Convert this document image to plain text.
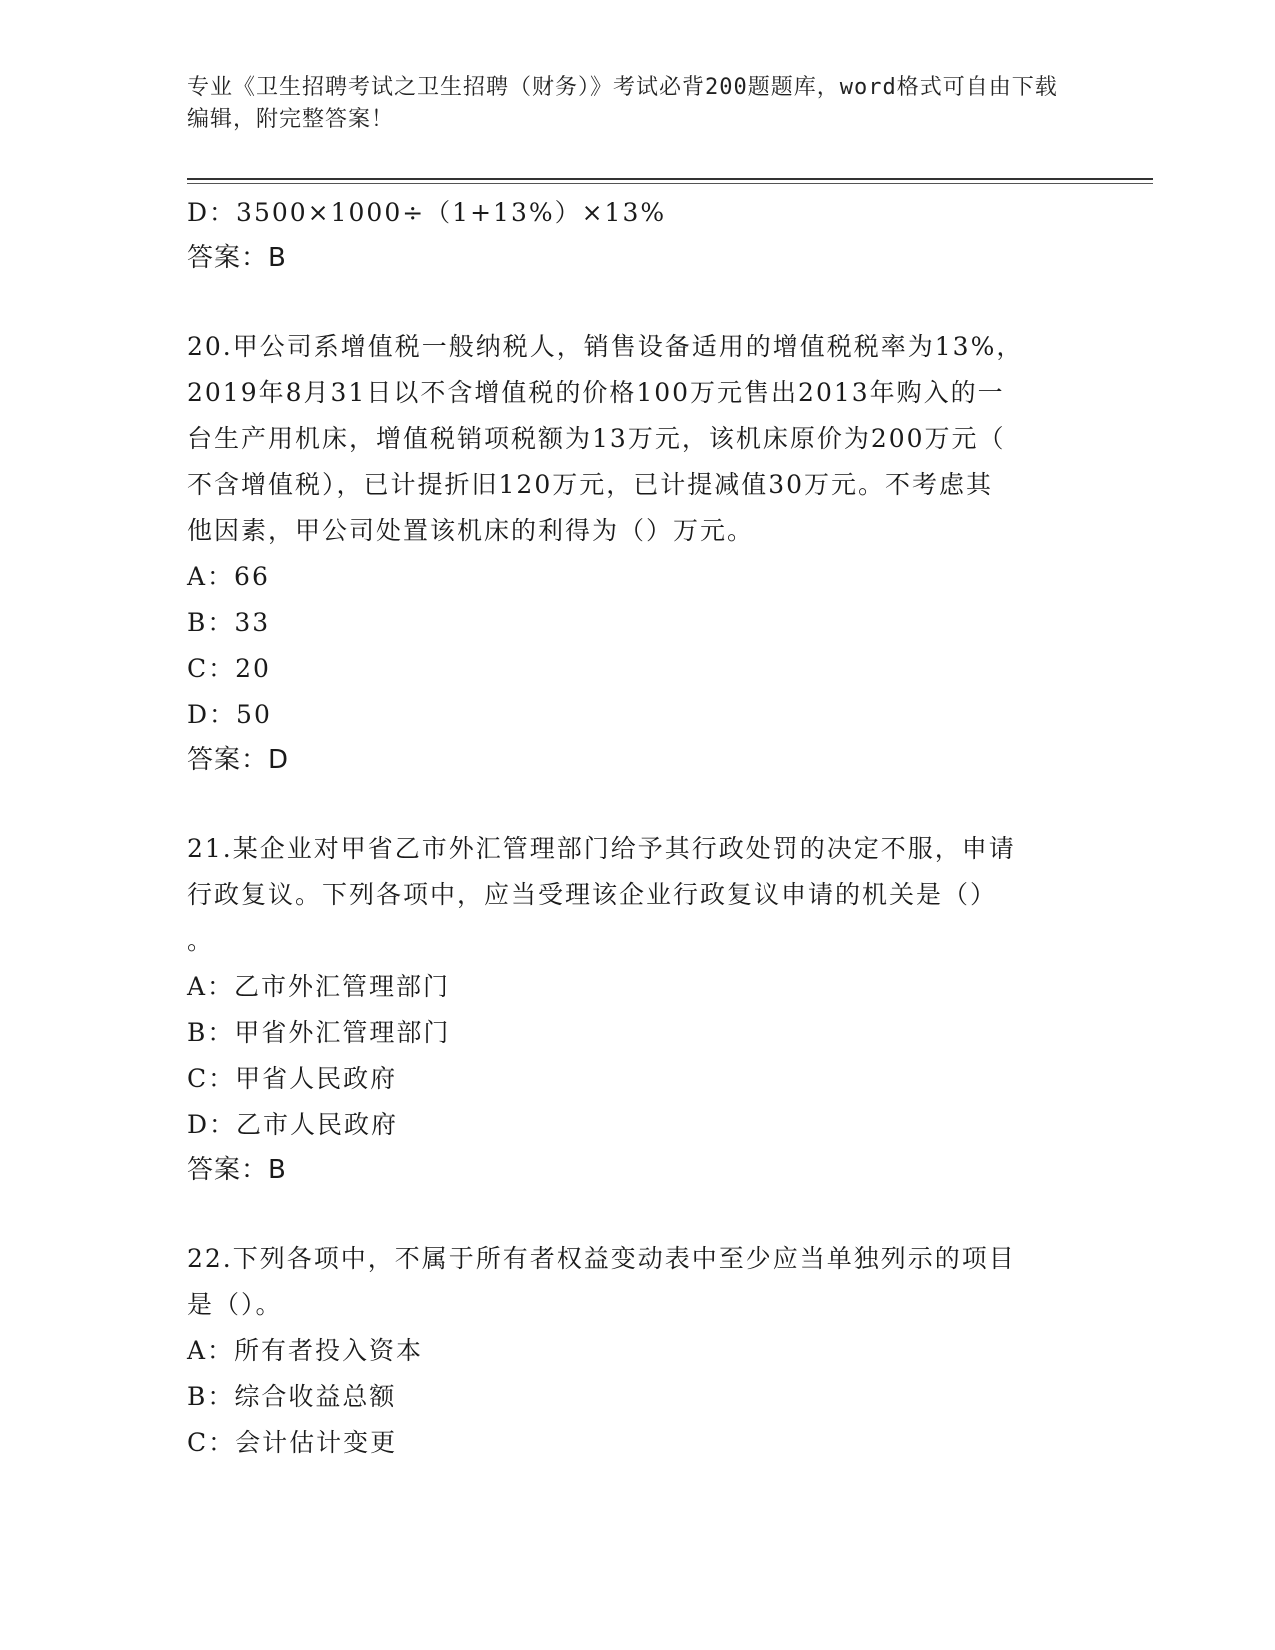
专业《卫生招聘考试之卫生招聘（财务）》考试必背200题题库，word格式可自由下载编辑，附完整答案！
D：3500×1000÷（1+13%）×13%
答案：B
20.甲公司系增值税一般纳税人，销售设备适用的增值税税率为13%，
2019年8月31日以不含增值税的价格100万元售出2013年购入的一
台生产用机床，增值税销项税额为13万元，该机床原价为200万元（
不含增值税），已计提折旧120万元，已计提减值30万元。不考虑其
他因素，甲公司处置该机床的利得为（）万元。
A：66
B：33
C：20
D：50
答案：D
21.某企业对甲省乙市外汇管理部门给予其行政处罚的决定不服，申请
行政复议。下列各项中，应当受理该企业行政复议申请的机关是（）
。
A：乙市外汇管理部门
B：甲省外汇管理部门
C：甲省人民政府
D：乙市人民政府
答案：B
22.下列各项中，不属于所有者权益变动表中至少应当单独列示的项目
是（）。
A：所有者投入资本
B：综合收益总额
C：会计估计变更
